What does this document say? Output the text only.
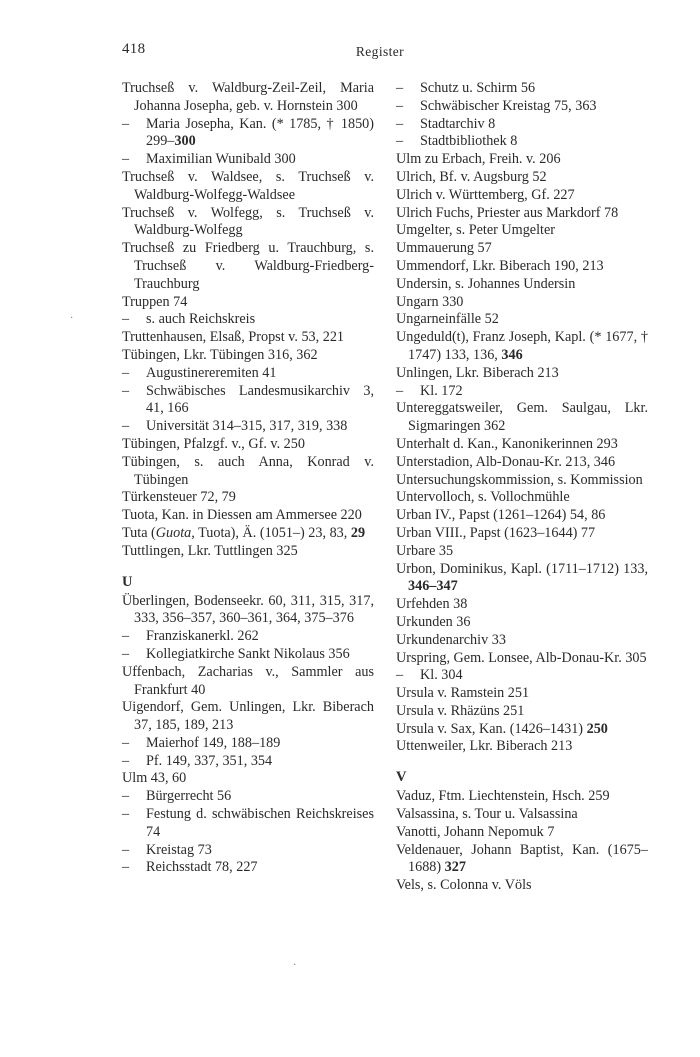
418	Register
Truchseß v. Waldburg-Zeil-Zeil, Maria Johanna Josepha, geb. v. Hornstein 300
– Maria Josepha, Kan. (* 1785, † 1850) 299–300
– Maximilian Wunibald 300
Truchseß v. Waldsee, s. Truchseß v. Waldburg-Wolfegg-Waldsee
Truchseß v. Wolfegg, s. Truchseß v. Waldburg-Wolfegg
Truchseß zu Friedberg u. Trauchburg, s. Truchseß v. Waldburg-Friedberg-Trauchburg
Truppen 74
– s. auch Reichskreis
Truttenhausen, Elsaß, Propst v. 53, 221
Tübingen, Lkr. Tübingen 316, 362
– Augustinereremiten 41
– Schwäbisches Landesmusikarchiv 3, 41, 166
– Universität 314–315, 317, 319, 338
Tübingen, Pfalzgf. v., Gf. v. 250
Tübingen, s. auch Anna, Konrad v. Tübingen
Türkensteuer 72, 79
Tuota, Kan. in Diessen am Ammersee 220
Tuta (Guota, Tuota), Ä. (1051–) 23, 83, 29
Tuttlingen, Lkr. Tuttlingen 325
U
Überlingen, Bodenseekr. 60, 311, 315, 317, 333, 356–357, 360–361, 364, 375–376
– Franziskanerkl. 262
– Kollegiatkirche Sankt Nikolaus 356
Uffenbach, Zacharias v., Sammler aus Frankfurt 40
Uigendorf, Gem. Unlingen, Lkr. Biberach 37, 185, 189, 213
– Maierhof 149, 188–189
– Pf. 149, 337, 351, 354
Ulm 43, 60
– Bürgerrecht 56
– Festung d. schwäbischen Reichskreises 74
– Kreistag 73
– Reichsstadt 78, 227
– Schutz u. Schirm 56
– Schwäbischer Kreistag 75, 363
– Stadtarchiv 8
– Stadtbibliothek 8
Ulm zu Erbach, Freih. v. 206
Ulrich, Bf. v. Augsburg 52
Ulrich v. Württemberg, Gf. 227
Ulrich Fuchs, Priester aus Markdorf 78
Umgelter, s. Peter Umgelter
Ummauerung 57
Ummendorf, Lkr. Biberach 190, 213
Undersin, s. Johannes Undersin
Ungarn 330
Ungarneinfälle 52
Ungeduld(t), Franz Joseph, Kapl. (* 1677, † 1747) 133, 136, 346
Unlingen, Lkr. Biberach 213
– Kl. 172
Untereggatsweiler, Gem. Saulgau, Lkr. Sigmaringen 362
Unterhalt d. Kan., Kanonikerinnen 293
Unterstadion, Alb-Donau-Kr. 213, 346
Untersuchungskommission, s. Kommission
Untervolloch, s. Vollochmühle
Urban IV., Papst (1261–1264) 54, 86
Urban VIII., Papst (1623–1644) 77
Urbare 35
Urbon, Dominikus, Kapl. (1711–1712) 133, 346–347
Urfehden 38
Urkunden 36
Urkundenarchiv 33
Urspring, Gem. Lonsee, Alb-Donau-Kr. 305
– Kl. 304
Ursula v. Ramstein 251
Ursula v. Rhäzüns 251
Ursula v. Sax, Kan. (1426–1431) 250
Uttenweiler, Lkr. Biberach 213
V
Vaduz, Ftm. Liechtenstein, Hsch. 259
Valsassina, s. Tour u. Valsassina
Vanotti, Johann Nepomuk 7
Veldenauer, Johann Baptist, Kan. (1675–1688) 327
Vels, s. Colonna v. Völs
·
·
